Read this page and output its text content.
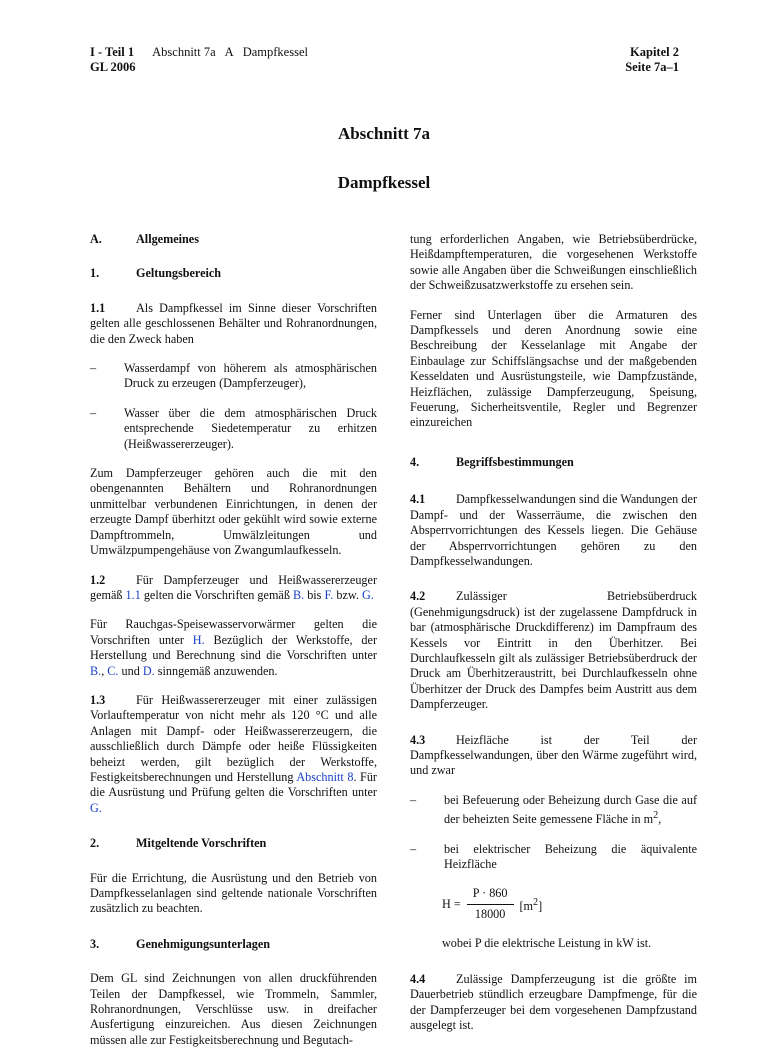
I - Teil 1 Abschnitt 7a A Dampfkessel
GL 2006
Kapitel 2
Seite 7a–1
Abschnitt 7a
Dampfkessel
A.	Allgemeines
1.	Geltungsbereich

1.1	Als Dampfkessel im Sinne dieser Vorschriften gelten alle geschlossenen Behälter und Rohranordnungen, die den Zweck haben

–	Wasserdampf von höherem als atmosphärischen Druck zu erzeugen (Dampferzeuger),
–	Wasser über die dem atmosphärischen Druck entsprechende Siedetemperatur zu erhitzen (Heißwassererzeuger).

Zum Dampferzeuger gehören auch die mit den obengenannten Behältern und Rohranordnungen unmittelbar verbundenen Einrichtungen, in denen der erzeugte Dampf überhitzt oder gekühlt wird sowie externe Dampftrommeln, Umwälzleitungen und Umwälzpumpengehäuse von Zwangumlaufkesseln.

1.2	Für Dampferzeuger und Heißwassererzeuger gemäß 1.1 gelten die Vorschriften gemäß B. bis F. bzw. G.

Für Rauchgas-Speisewasservorwärmer gelten die Vorschriften unter H. Bezüglich der Werkstoffe, der Herstellung und Berechnung sind die Vorschriften unter B., C. und D. sinngemäß anzuwenden.

1.3	Für Heißwassererzeuger mit einer zulässigen Vorlauftemperatur von nicht mehr als 120 °C und alle Anlagen mit Dampf- oder Heißwassererzeugern, die ausschließlich durch Dämpfe oder heiße Flüssigkeiten beheizt werden, gilt bezüglich der Werkstoffe, Festigkeitsberechnungen und Herstellung Abschnitt 8. Für die Ausrüstung und Prüfung gelten die Vorschriften unter G.

2.	Mitgeltende Vorschriften

Für die Errichtung, die Ausrüstung und den Betrieb von Dampfkesselanlagen sind geltende nationale Vorschriften zusätzlich zu beachten.

3.	Genehmigungsunterlagen

Dem GL sind Zeichnungen von allen druckführenden Teilen der Dampfkessel, wie Trommeln, Sammler, Rohranordnungen, Verschlüsse usw. in dreifacher Ausfertigung einzureichen. Aus diesen Zeichnungen müssen alle zur Festigkeitsberechnung und Begutach-

tung erforderlichen Angaben, wie Betriebsüberdrücke, Heißdampftemperaturen, die vorgesehenen Werkstoffe sowie alle Angaben über die Schweißungen einschließlich der Schweißzusatzwerkstoffe zu ersehen sein.

Ferner sind Unterlagen über die Armaturen des Dampfkessels und deren Anordnung sowie eine Beschreibung der Kesselanlage mit Angabe der Einbaulage zur Schiffslängsachse und der maßgebenden Kesseldaten und Ausrüstungsteile, wie Dampfzustände, Heizflächen, zulässige Dampferzeugung, Speisung, Feuerung, Sicherheitsventile, Regler und Begrenzer einzureichen

4.	Begriffsbestimmungen

4.1	Dampfkesselwandungen sind die Wandungen der Dampf- und der Wasserräume, die zwischen den Absperrvorrichtungen des Kessels liegen. Die Gehäuse der Absperrvorrichtungen gehören zu den Dampfkesselwandungen.

4.2	Zulässiger Betriebsüberdruck (Genehmigungsdruck) ist der zugelassene Dampfdruck in bar (atmosphärische Druckdifferenz) im Dampfraum des Kessels vor Eintritt in den Überhitzer. Bei Durchlaufkesseln gilt als zulässiger Betriebsüberdruck der Druck am Überhitzeraustritt, bei Durchlaufkesseln ohne Überhitzer der Druck des Dampfes beim Austritt aus dem Dampferzeuger.

4.3	Heizfläche ist der Teil der Dampfkesselwandungen, über den Wärme zugeführt wird, und zwar

–	bei Befeuerung oder Beheizung durch Gase die auf der beheizten Seite gemessene Fläche in $m^2$,
–	bei elektrischer Beheizung die äquivalente Heizfläche
$H = \frac{P \cdot 860}{18000} [m^2]$

wobei P die elektrische Leistung in kW ist.

4.4	Zulässige Dampferzeugung ist die größte im Dauerbetrieb stündlich erzeugbare Dampfmenge, für die der Dampferzeuger bei dem vorgesehenen Dampfzustand ausgelegt ist.
